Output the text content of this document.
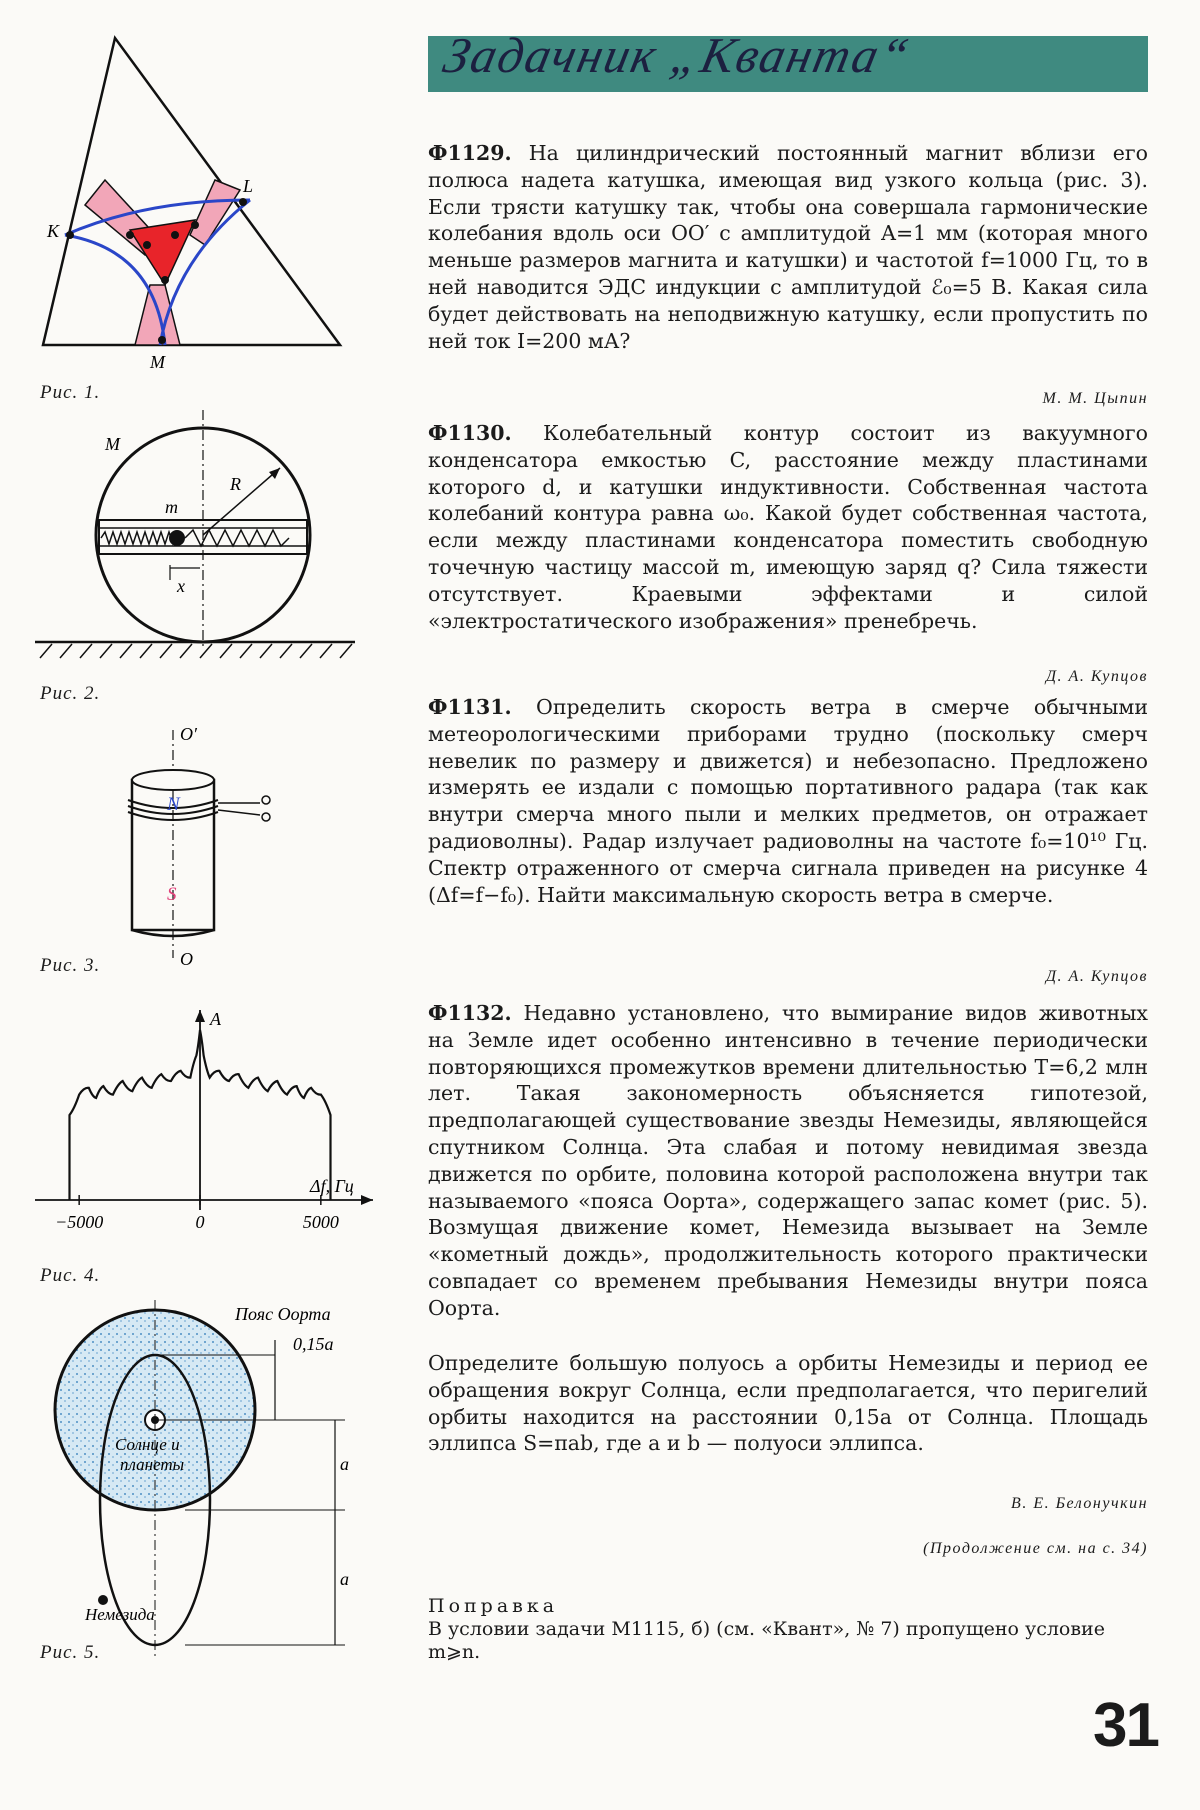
Задачник „Кванта“
K
L
M
Рис. 1.
M
m
R
x
Рис. 2.
O′
O
N
S
Рис. 3.
A
Δf, Гц
−5000	0	5000
Рис. 4.
Пояс Оорта
0,15a
Солнце и
планеты	a
a
Немезида
Рис. 5.
Ф1129. На цилиндрический постоянный магнит вблизи его полюса надета катушка, имеющая вид узкого кольца (рис. 3). Если трясти катушку так, чтобы она совершала гармонические колебания вдоль оси OO′ с амплитудой A=1 мм (которая много меньше размеров магнита и катушки) и частотой f=1000 Гц, то в ней наводится ЭДС индукции с амплитудой ℰ₀=5 В. Какая сила будет действовать на неподвижную катушку, если пропустить по ней ток I=200 мА?
М. М. Цыпин
Ф1130. Колебательный контур состоит из вакуумного конденсатора емкостью C, расстояние между пластинами которого d, и катушки индуктивности. Собственная частота колебаний контура равна ω₀. Какой будет собственная частота, если между пластинами конденсатора поместить свободную точечную частицу массой m, имеющую заряд q? Сила тяжести отсутствует. Краевыми эффектами и силой «электростатического изображения» пренебречь.
Д. А. Купцов
Ф1131. Определить скорость ветра в смерче обычными метеорологическими приборами трудно (поскольку смерч невелик по размеру и движется) и небезопасно. Предложено измерять ее издали с помощью портативного радара (так как внутри смерча много пыли и мелких предметов, он отражает радиоволны). Радар излучает радиоволны на частоте f₀=10¹⁰ Гц. Спектр отраженного от смерча сигнала приведен на рисунке 4 (Δf=f−f₀). Найти максимальную скорость ветра в смерче.
Д. А. Купцов
Ф1132. Недавно установлено, что вымирание видов животных на Земле идет особенно интенсивно в течение периодически повторяющихся промежутков времени длительностью T=6,2 млн лет. Такая закономерность объясняется гипотезой, предполагающей существование звезды Немезиды, являющейся спутником Солнца. Эта слабая и потому невидимая звезда движется по орбите, половина которой расположена внутри так называемого «пояса Оорта», содержащего запас комет (рис. 5). Возмущая движение комет, Немезида вызывает на Земле «кометный дождь», продолжительность которого практически совпадает со временем пребывания Немезиды внутри пояса Оорта.
Определите большую полуось a орбиты Немезиды и период ее обращения вокруг Солнца, если предполагается, что перигелий орбиты находится на расстоянии 0,15a от Солнца. Площадь эллипса S=πab, где a и b — полуоси эллипса.
В. Е. Белонучкин
(Продолжение см. на с. 34)
Поправка
В условии задачи М1115, б) (см. «Квант», № 7) пропущено условие m⩾n.
31
